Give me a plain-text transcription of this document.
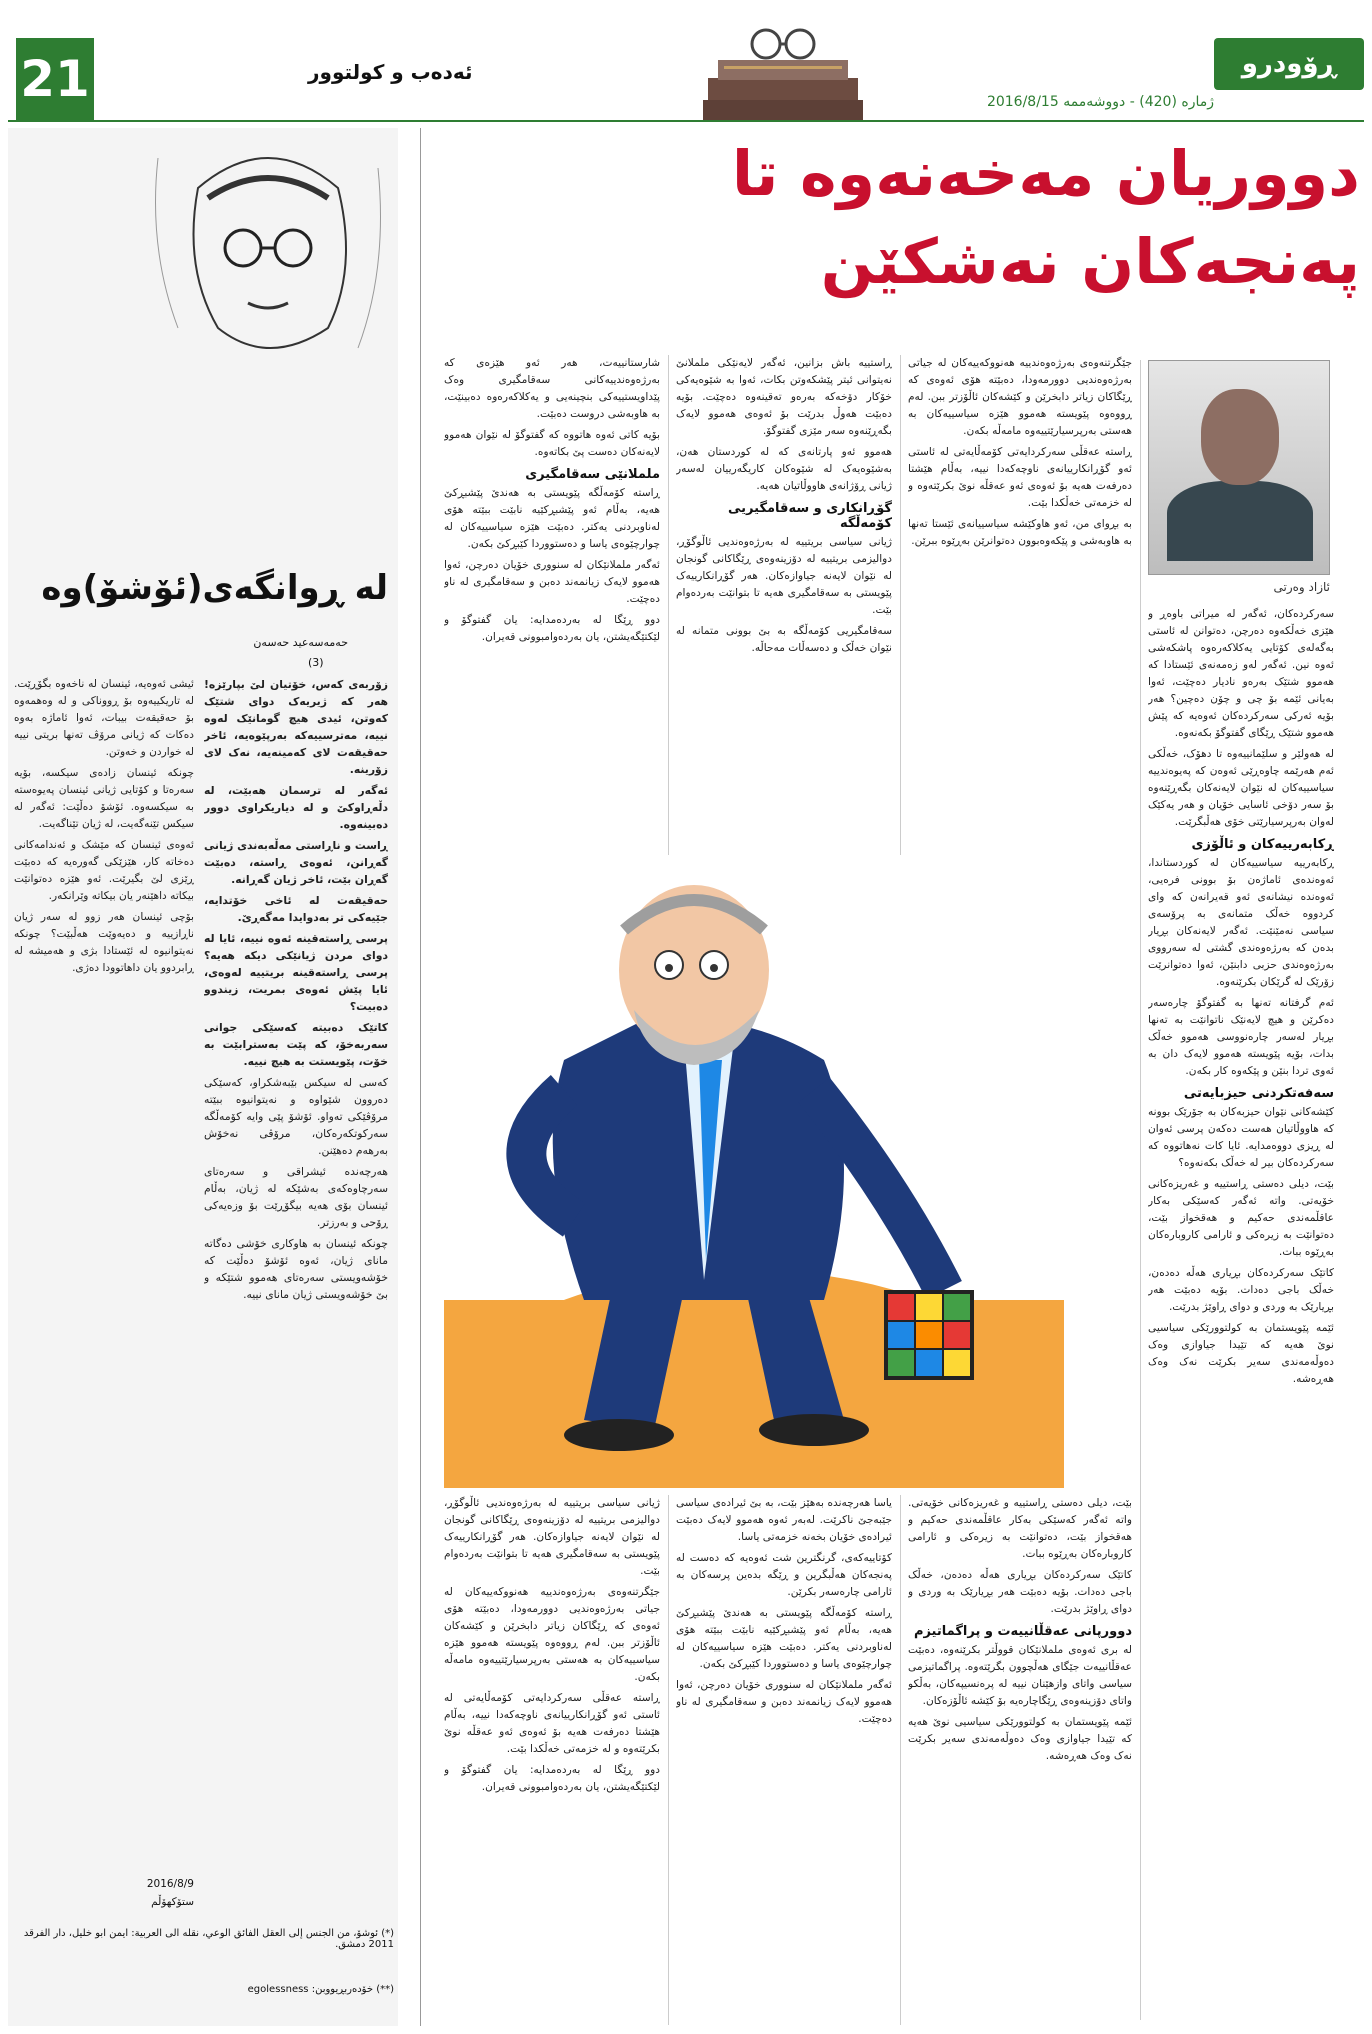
21	ئەدەب و کولتوور	ڕۆودرو
ژمارە (420) - دووشەممە 2016/8/15
دووریان مەخەنەوە تا
پەنجەکان نەشکێن
ئازاد وەرتی

سەرکردەکان، ئەگەر لە میراتی باوەڕ و هێزی خەڵکەوە دەرچن، دەتوانن لە ئاستی بەگەلەی کۆتایی یەکلاکەرەوە پاشکەشی ئەوە نین. ئەگەر لەو زەمەنەی ئێستادا کە هەموو شتێک بەرەو نادیار دەچێت، ئەوا بەیانی ئێمە بۆ چی و چۆن دەچین؟ هەر بۆیە ئەرکی سەرکردەکان ئەوەیە کە پێش هەموو شتێک ڕێگای گفتوگۆ بکەنەوە.

لە هەولێر و سلێمانییەوە تا دهۆک، خەڵکی ئەم هەرێمە چاوەڕێی ئەوەن کە پەیوەندییە سیاسییەکان لە نێوان لایەنەکان بگەڕێنەوە بۆ سەر دۆخی ئاسایی خۆیان و هەر یەکێک لەوان بەرپرسیارێتی خۆی هەڵبگرێت.

ڕکابەرییەکان و ئاڵۆزی

ڕکابەرییە سیاسییەکان لە کوردستاندا، ئەوەندەی ئاماژەن بۆ بوونی فرەیی، ئەوەندە نیشانەی ئەو قەیرانەن کە وای کردووە خەڵک متمانەی بە پرۆسەی سیاسی نەمێنێت. ئەگەر لایەنەکان بڕیار بدەن کە بەرژەوەندی گشتی لە سەرووی بەرژەوەندی حزبی دابنێن، ئەوا دەتوانرێت زۆرێک لە گرێکان بکرێنەوە.

ئەم گرفتانە تەنها بە گفتوگۆ چارەسەر دەکرێن و هیچ لایەنێک ناتوانێت بە تەنها بڕیار لەسەر چارەنووسی هەموو خەڵک بدات، بۆیە پێویستە هەموو لایەک دان بە ئەوی تردا بنێن و پێکەوە کار بکەن.

سەفەتکردنی حیزبایەتی

کێشەکانی نێوان حیزبەکان بە جۆرێک بوونە کە هاووڵاتیان هەست دەکەن پرسی ئەوان لە ڕیزی دووەمدایە. ئایا کات نەهاتووە کە سەرکردەکان بیر لە خەڵک بکەنەوە؟

بێت، دیلی دەستی ڕاستییە و غەریزەکانی خۆیەتی. واتە ئەگەر کەسێکی بەکار عاقڵمەندی حەکیم و هەقخواز بێت، دەتوانێت بە زیرەکی و ئارامی کاروبارەکان بەڕێوە ببات.

کاتێک سەرکردەکان بڕیاری هەڵە دەدەن، خەڵک باجی دەدات. بۆیە دەبێت هەر بڕیارێک بە وردی و دوای ڕاوێژ بدرێت.

ئێمە پێویستمان بە کولتوورێکی سیاسیی نوێ هەیە کە تێیدا جیاوازی وەک دەوڵەمەندی سەیر بکرێت نەک وەک هەڕەشە.

جێگرتنەوەی بەرژەوەندییە هەنووکەییەکان لە جیاتی بەرژەوەندیی دوورمەودا، دەبێتە هۆی ئەوەی کە ڕێگاکان زیاتر دابخرێن و کێشەکان ئاڵۆزتر ببن. لەم ڕووەوە پێویستە هەموو هێزە سیاسییەکان بە هەستی بەرپرسیارێتییەوە مامەڵە بکەن.

ڕاستە عەقڵی سەرکردایەتی کۆمەڵایەتی لە ئاستی ئەو گۆڕانکارییانەی ناوچەکەدا نییە، بەڵام هێشتا دەرفەت هەیە بۆ ئەوەی ئەو عەقڵە نوێ بکرێتەوە و لە خزمەتی خەڵکدا بێت.

بە بڕوای من، ئەو هاوکێشە سیاسییانەی ئێستا تەنها بە هاوبەشی و پێکەوەبوون دەتوانرێن بەڕێوە ببرێن.

ڕاستییە باش بزانین، ئەگەر لایەنێکی ململانێ نەیتوانی ئیتر پێشکەوتن بکات، ئەوا بە شێوەیەکی خۆکار دۆخەکە بەرەو تەقینەوە دەچێت. بۆیە دەبێت هەوڵ بدرێت بۆ ئەوەی هەموو لایەک بگەڕێنەوە سەر مێزی گفتوگۆ.

هەموو ئەو پارتانەی کە لە کوردستان هەن، بەشێوەیەک لە شێوەکان کاریگەرییان لەسەر ژیانی ڕۆژانەی هاووڵاتیان هەیە.

گۆڕانکاری و سەقامگیریی کۆمەڵگە

ژیانی سیاسی بریتییە لە بەرژەوەندیی ئاڵوگۆڕ، دوالیزمی بریتییە لە دۆزینەوەی ڕێگاکانی گونجان لە نێوان لایەنە جیاوازەکان. هەر گۆڕانکارییەک پێویستی بە سەقامگیری هەیە تا بتوانێت بەردەوام بێت.

سەقامگیریی کۆمەڵگە بە بێ بوونی متمانە لە نێوان خەڵک و دەسەڵات مەحاڵە.

شارستانییەت، هەر ئەو هێزەی کە بەرژەوەندییەکانی سەقامگیری وەک پێداویستییەکی بنچینەیی و یەکلاکەرەوە دەبینێت، بە هاوبەشی دروست دەبێت.

بۆیە کاتی ئەوە هاتووە کە گفتوگۆ لە نێوان هەموو لایەنەکان دەست پێ بکاتەوە.

ململانێی سەقامگیری

ڕاستە کۆمەڵگە پێویستی بە هەندێ پێشبڕکێ هەیە، بەڵام ئەو پێشبڕکێیە نابێت ببێتە هۆی لەناوبردنی یەکتر. دەبێت هێزە سیاسییەکان لە چوارچێوەی یاسا و دەستووردا کێبڕکێ بکەن.

ئەگەر ململانێکان لە سنووری خۆیان دەرچن، ئەوا هەموو لایەک زیانمەند دەبن و سەقامگیری لە ناو دەچێت.

دوو ڕێگا لە بەردەمدایە: یان گفتوگۆ و لێکتێگەیشتن، یان بەردەوامبوونی قەیران.

بێت، دیلی دەستی ڕاستییە و غەریزەکانی خۆیەتی. واتە ئەگەر کەسێکی بەکار عاقڵمەندی حەکیم و هەقخواز بێت، دەتوانێت بە زیرەکی و ئارامی کاروبارەکان بەڕێوە ببات.

کاتێک سەرکردەکان بڕیاری هەڵە دەدەن، خەڵک باجی دەدات. بۆیە دەبێت هەر بڕیارێک بە وردی و دوای ڕاوێژ بدرێت.

دوورپانی عەقڵانییەت و پراگماتیزم

لە بری ئەوەی ململانێکان قووڵتر بکرێنەوە، دەبێت عەقڵانییەت جێگای هەڵچوون بگرێتەوە. پراگماتیزمی سیاسی واتای وازهێنان نییە لە پرەنسیپەکان، بەڵکو واتای دۆزینەوەی ڕێگاچارەیە بۆ کێشە ئاڵۆزەکان.

ئێمە پێویستمان بە کولتوورێکی سیاسیی نوێ هەیە کە تێیدا جیاوازی وەک دەوڵەمەندی سەیر بکرێت نەک وەک هەڕەشە.

یاسا هەرچەندە بەهێز بێت، بە بێ ئیرادەی سیاسی جێبەجێ ناکرێت. لەبەر ئەوە هەموو لایەک دەبێت ئیرادەی خۆیان بخەنە خزمەتی یاسا.

کۆتاییەکەی، گرنگترین شت ئەوەیە کە دەست لە پەنجەکان هەڵبگرین و ڕێگە بدەین پرسەکان بە ئارامی چارەسەر بکرێن.

ڕاستە کۆمەڵگە پێویستی بە هەندێ پێشبڕکێ هەیە، بەڵام ئەو پێشبڕکێیە نابێت ببێتە هۆی لەناوبردنی یەکتر. دەبێت هێزە سیاسییەکان لە چوارچێوەی یاسا و دەستووردا کێبڕکێ بکەن.

ئەگەر ململانێکان لە سنووری خۆیان دەرچن، ئەوا هەموو لایەک زیانمەند دەبن و سەقامگیری لە ناو دەچێت.

ژیانی سیاسی بریتییە لە بەرژەوەندیی ئاڵوگۆڕ، دوالیزمی بریتییە لە دۆزینەوەی ڕێگاکانی گونجان لە نێوان لایەنە جیاوازەکان. هەر گۆڕانکارییەک پێویستی بە سەقامگیری هەیە تا بتوانێت بەردەوام بێت.

جێگرتنەوەی بەرژەوەندییە هەنووکەییەکان لە جیاتی بەرژەوەندیی دوورمەودا، دەبێتە هۆی ئەوەی کە ڕێگاکان زیاتر دابخرێن و کێشەکان ئاڵۆزتر ببن. لەم ڕووەوە پێویستە هەموو هێزە سیاسییەکان بە هەستی بەرپرسیارێتییەوە مامەڵە بکەن.

ڕاستە عەقڵی سەرکردایەتی کۆمەڵایەتی لە ئاستی ئەو گۆڕانکارییانەی ناوچەکەدا نییە، بەڵام هێشتا دەرفەت هەیە بۆ ئەوەی ئەو عەقڵە نوێ بکرێتەوە و لە خزمەتی خەڵکدا بێت.

دوو ڕێگا لە بەردەمدایە: یان گفتوگۆ و لێکتێگەیشتن، یان بەردەوامبوونی قەیران.

لە ڕوانگەی(ئۆشۆ)وە
حەمەسەعید حەسەن
(3)

زۆربەی کەس، خۆتیان لێ بپارێزە! هەر کە ژیریەک دوای شتێک کەوتن، ئیدی هیچ گومانێک لەوە نییە، مەترسییەکە بەرپێوەیە، ئاخر حەقیقەت لای کەمینەیە، نەک لای زۆرینە.

ئەگەر لە ترسمان هەبێت، لە دڵەڕاوکێ و لە دیاریکراوی دوور دەبینەوە.

ڕاست و ناڕاستی مەڵەبەندی ژیانی گەڕانن، ئەوەی ڕاستە، دەبێت گەڕان بێت، ئاخر ژیان گەڕانە.

حەقیقەت لە ئاخی خۆتدایە، جێیەکی تر بەدوایدا مەگەڕێ.

پرسی ڕاستەقینە ئەوە نییە، ئایا لە دوای مردن ژیانێکی دیکە هەیە؟ پرسی ڕاستەقینە بریتییە لەوەی، ئایا پێش ئەوەی بمریت، زیندوو دەبیت؟

کاتێک دەبیتە کەسێکی جوانی سەربەخۆ، کە پێت بەسترابێت بە خۆت، پێویستت بە هیچ نییە.

کەسی لە سیکس بێبەشکراو، کەسێکی دەروون شێواوە و نەیتوانیوە ببێتە مرۆڤێکی تەواو. ئۆشۆ پێی وایە کۆمەڵگە سەرکوتکەرەکان، مرۆڤی نەخۆش بەرهەم دەهێنن.

هەرچەندە ئیشراقی و سەرەتای سەرچاوەکەی بەشێکە لە ژیان، بەڵام ئینسان بۆی هەیە بیگۆڕێت بۆ وزەیەکی ڕۆحی و بەرزتر.

چونکە ئینسان بە هاوکاری خۆشی دەگاتە مانای ژیان، ئەوە ئۆشۆ دەڵێت کە خۆشەویستی سەرەتای هەموو شتێکە و بێ خۆشەویستی ژیان مانای نییە.

ئیشی ئەوەیە، ئینسان لە ناخەوە بگۆڕێت. لە تاریکییەوە بۆ ڕووناکی و لە وەهمەوە بۆ حەقیقەت بیبات، ئەوا ئاماژە بەوە دەکات کە ژیانی مرۆڤ تەنها بریتی نییە لە خواردن و خەوتن.

چونکە ئینسان زادەی سیکسە، بۆیە سەرەتا و کۆتایی ژیانی ئینسان پەیوەستە بە سیکسەوە. ئۆشۆ دەڵێت: ئەگەر لە سیکس تێنەگەیت، لە ژیان تێناگەیت.

ئەوەی ئینسان کە مێشک و ئەندامەکانی دەخاتە کار، هێزێکی گەورەیە کە دەبێت ڕێزی لێ بگیرێت. ئەو هێزە دەتوانێت بیکاتە داهێنەر یان بیکاتە وێرانکەر.

بۆچی ئینسان هەر زوو لە سەر ژیان ناڕازییە و دەیەوێت هەڵبێت؟ چونکە نەیتوانیوە لە ئێستادا بژی و هەمیشە لە ڕابردوو یان داهاتوودا دەژی.

2016/8/9
ستۆکهۆڵم
(*) ئوشۆ، من الجنس إلى العقل الفائق الوعي، نقلە الى العربیة: ایمن ابو خلیل، دار الفرقد 2011 دمشق.
(**) خۆدەربڕیووبن: egolessness
